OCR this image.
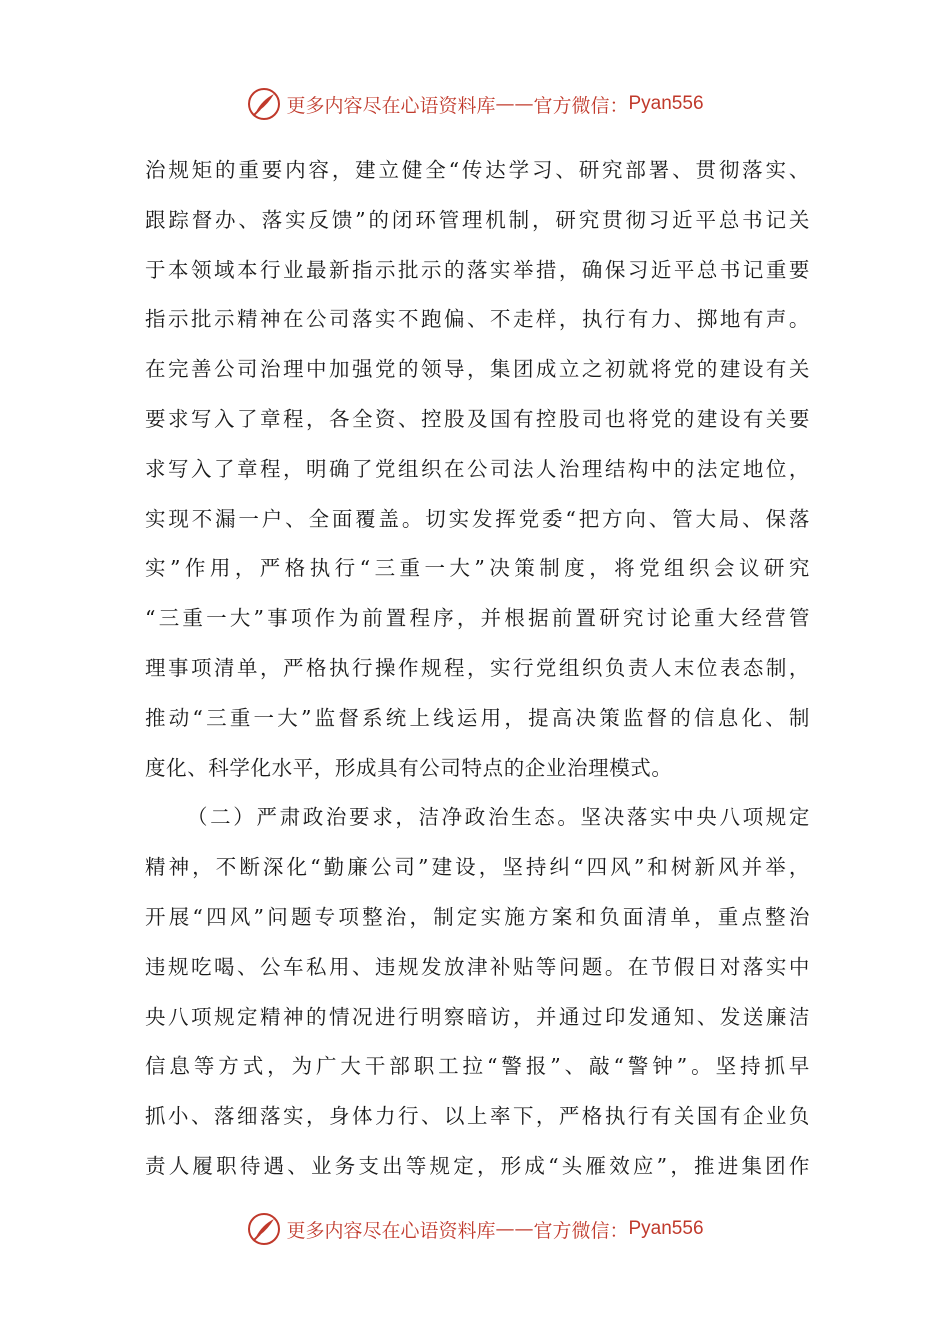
更多内容尽在心语资料库 —— 官方微信： Pyan556
治规矩的重要内容，建立健全“传达学习、研究部署、贯彻落实、
跟踪督办、落实反馈”的闭环管理机制，研究贯彻习近平总书记关
于本领域本行业最新指示批示的落实举措，确保习近平总书记重要
指示批示精神在公司落实不跑偏、不走样，执行有力、掷地有声。
在完善公司治理中加强党的领导，集团成立之初就将党的建设有关
要求写入了章程，各全资、控股及国有控股司也将党的建设有关要
求写入了章程，明确了党组织在公司法人治理结构中的法定地位，
实现不漏一户、全面覆盖。切实发挥党委“把方向、管大局、保落
实”作用，严格执行“三重一大”决策制度，将党组织会议研究
“三重一大”事项作为前置程序，并根据前置研究讨论重大经营管
理事项清单，严格执行操作规程，实行党组织负责人末位表态制，
推动“三重一大”监督系统上线运用，提高决策监督的信息化、制
度化、科学化水平，形成具有公司特点的企业治理模式。
（二）严肃政治要求，洁净政治生态。坚决落实中央八项规定
精神，不断深化“勤廉公司”建设，坚持纠“四风”和树新风并举，
开展“四风”问题专项整治，制定实施方案和负面清单，重点整治
违规吃喝、公车私用、违规发放津补贴等问题。在节假日对落实中
央八项规定精神的情况进行明察暗访，并通过印发通知、发送廉洁
信息等方式，为广大干部职工拉“警报”、敲“警钟”。坚持抓早
抓小、落细落实，身体力行、以上率下，严格执行有关国有企业负
责人履职待遇、业务支出等规定，形成“头雁效应”，推进集团作
更多内容尽在心语资料库 —— 官方微信： Pyan556
